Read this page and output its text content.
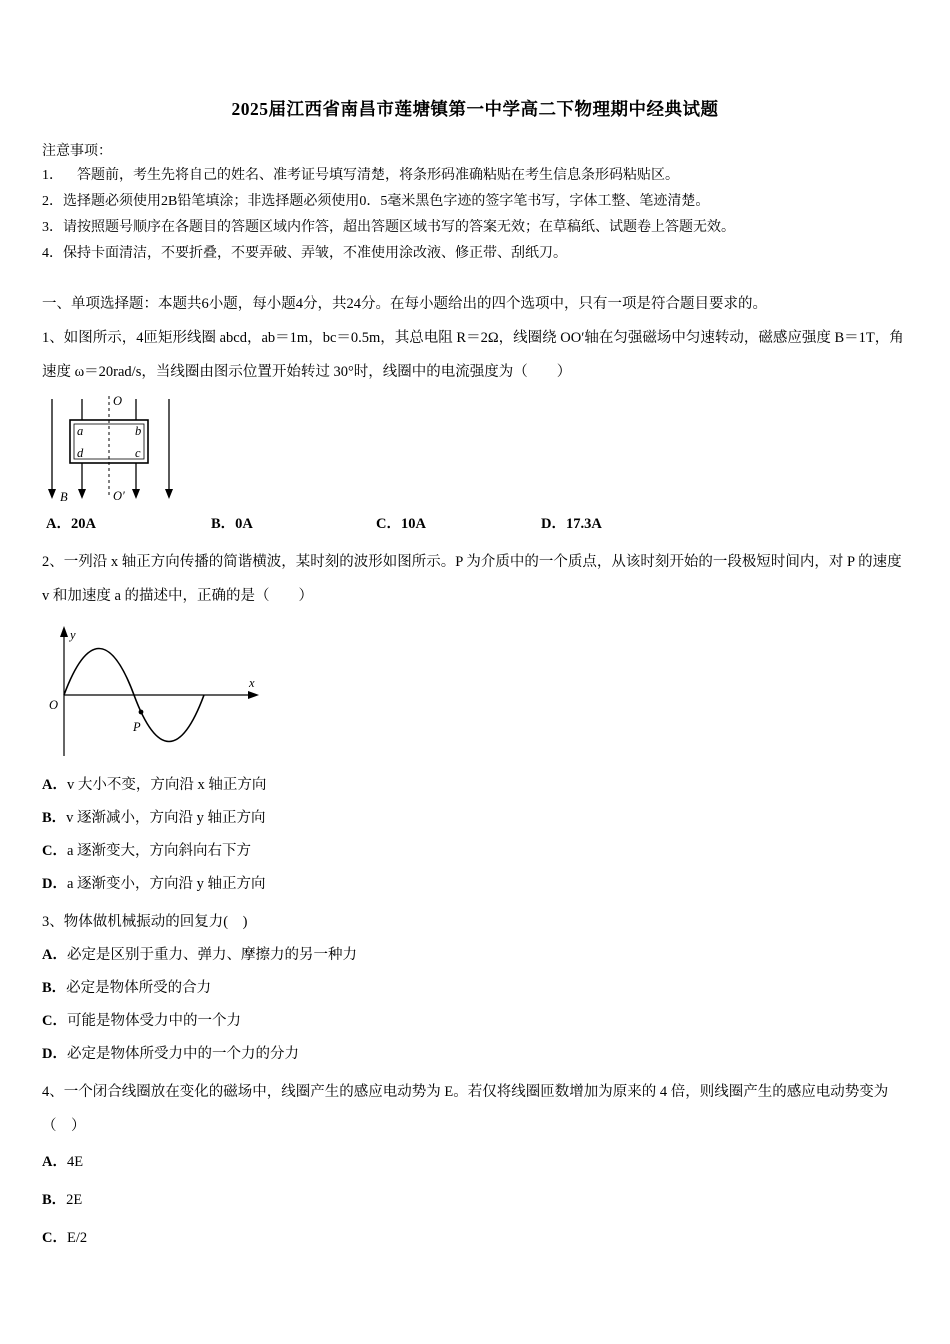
2025届江西省南昌市莲塘镇第一中学高二下物理期中经典试题
注意事项：
1．    答题前，考生先将自己的姓名、准考证号填写清楚，将条形码准确粘贴在考生信息条形码粘贴区。
2．选择题必须使用2B铅笔填涂；非选择题必须使用0．5毫米黑色字迹的签字笔书写，字体工整、笔迹清楚。
3．请按照题号顺序在各题目的答题区域内作答，超出答题区域书写的答案无效；在草稿纸、试题卷上答题无效。
4．保持卡面清洁，不要折叠，不要弄破、弄皱，不准使用涂改液、修正带、刮纸刀。
一、单项选择题：本题共6小题，每小题4分，共24分。在每小题给出的四个选项中，只有一项是符合题目要求的。
1、如图所示，4匝矩形线圈 abcd，ab＝1m，bc＝0.5m，其总电阻 R＝2Ω，线圈绕 OO′轴在匀强磁场中匀速转动，磁感应强度 B＝1T，角速度 ω＝20rad/s，当线圈由图示位置开始转过 30°时，线圈中的电流强度为（　　）
a	b
d	c
O
O′
B
A．20A	B．0A	C．10A	D．17.3A
2、一列沿 x 轴正方向传播的简谐横波，某时刻的波形如图所示。P 为介质中的一个质点，从该时刻开始的一段极短时间内，对 P 的速度 v 和加速度 a 的描述中，正确的是（　　）
P
y
x
O
A．v 大小不变，方向沿 x 轴正方向
B．v 逐渐减小，方向沿 y 轴正方向
C．a 逐渐变大，方向斜向右下方
D．a 逐渐变小，方向沿 y 轴正方向
3、物体做机械振动的回复力(　)
A．必定是区别于重力、弹力、摩擦力的另一种力
B．必定是物体所受的合力
C．可能是物体受力中的一个力
D．必定是物体所受力中的一个力的分力
4、一个闭合线圈放在变化的磁场中，线圈产生的感应电动势为 E。若仅将线圈匝数增加为原来的 4 倍，则线圈产生的感应电动势变为（　）
A．4E
B．2E
C．E/2
